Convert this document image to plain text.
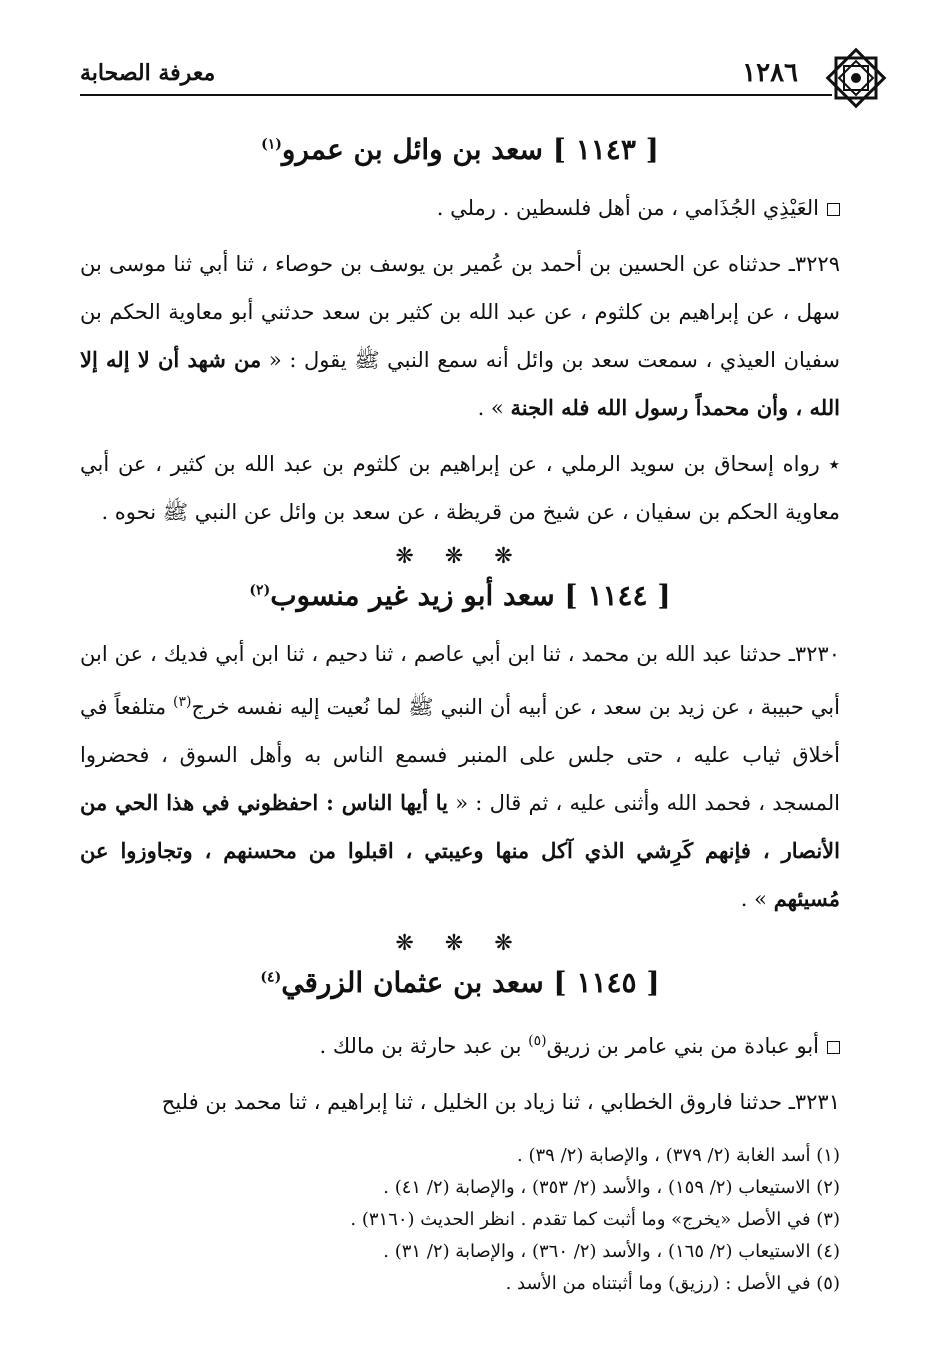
١٢٨٦
معرفة الصحابة
[ ١١٤٣ ] سعد بن وائل بن عمرو$^{(١)}$

العَيْذِي الجُذَامي ، من أهل فلسطين . رملي .

٣٢٢٩ـ حدثناه عن الحسين بن أحمد بن عُمير بن يوسف بن حوصاء ، ثنا أبي ثنا موسى بن سهل ، عن إبراهيم بن كلثوم ، عن عبد الله بن كثير بن سعد حدثني أبو معاوية الحكم بن سفيان العيذي ، سمعت سعد بن وائل أنه سمع النبي ﷺ يقول : « من شهد أن لا إله إلا الله ، وأن محمداً رسول الله فله الجنة » .

٭ رواه إسحاق بن سويد الرملي ، عن إبراهيم بن كلثوم بن عبد الله بن كثير ، عن أبي معاوية الحكم بن سفيان ، عن شيخ من قريظة ، عن سعد بن وائل عن النبي ﷺ نحوه .

❋ ❋ ❋
[ ١١٤٤ ] سعد أبو زيد غير منسوب$^{(٢)}$

٣٢٣٠ـ حدثنا عبد الله بن محمد ، ثنا ابن أبي عاصم ، ثنا دحيم ، ثنا ابن أبي فديك ، عن ابن أبي حبيبة ، عن زيد بن سعد ، عن أبيه أن النبي ﷺ لما نُعيت إليه نفسه خرج$^{(٣)}$ متلفعاً في أخلاق ثياب عليه ، حتى جلس على المنبر فسمع الناس به وأهل السوق ، فحضروا المسجد ، فحمد الله وأثنى عليه ، ثم قال : « يا أيها الناس : احفظوني في هذا الحي من الأنصار ، فإنهم كَرِشي الذي آكل منها وعيبتي ، اقبلوا من محسنهم ، وتجاوزوا عن مُسيئهم » .

❋ ❋ ❋
[ ١١٤٥ ] سعد بن عثمان الزرقي$^{(٤)}$

أبو عبادة من بني عامر بن زريق$^{(٥)}$ بن عبد حارثة بن مالك .

٣٢٣١ـ حدثنا فاروق الخطابي ، ثنا زياد بن الخليل ، ثنا إبراهيم ، ثنا محمد بن فليح

(١) أسد الغابة (٢/ ٣٧٩) ، والإصابة (٢/ ٣٩) .

(٢) الاستيعاب (٢/ ١٥٩) ، والأسد (٢/ ٣٥٣) ، والإصابة (٢/ ٤١) .

(٣) في الأصل «يخرج» وما أثبت كما تقدم . انظر الحديث (٣١٦٠) .

(٤) الاستيعاب (٢/ ١٦٥) ، والأسد (٢/ ٣٦٠) ، والإصابة (٢/ ٣١) .

(٥) في الأصل : (رزيق) وما أثبتناه من الأسد .
